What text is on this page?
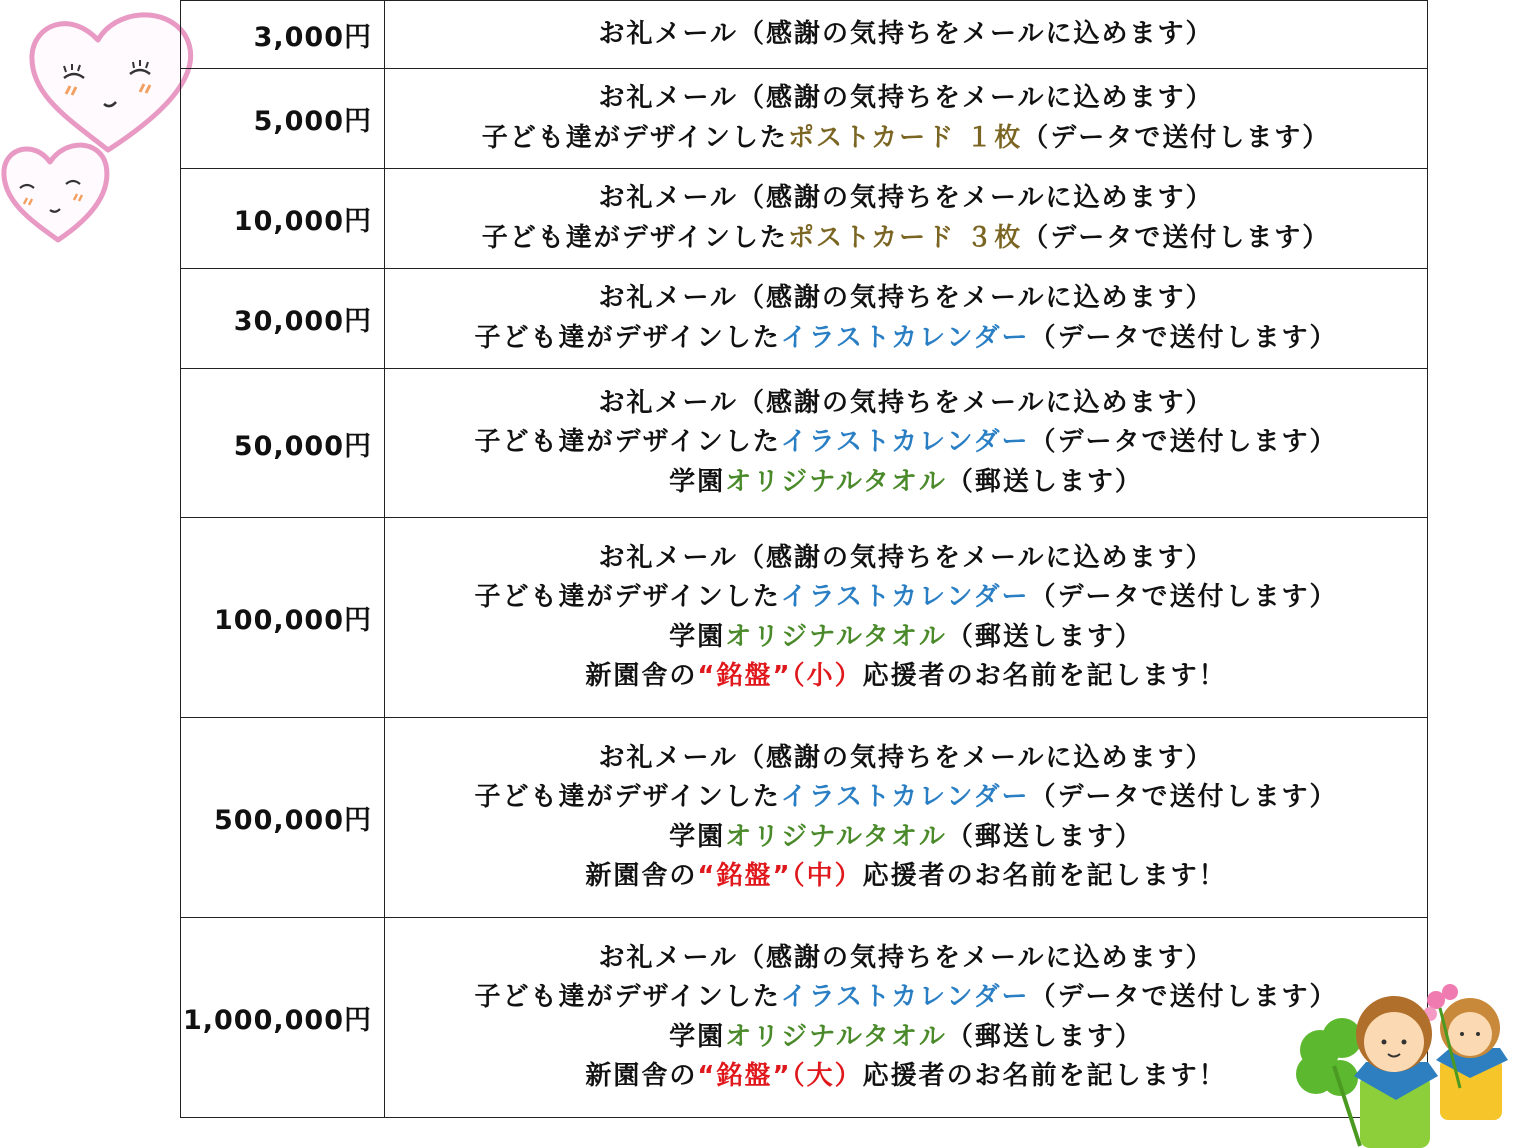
3,000円	お礼メール（感謝の気持ちをメールに込めます）

5,000円	お礼メール（感謝の気持ちをメールに込めます）
子ども達がデザインしたポストカード １枚（データで送付します）

10,000円	お礼メール（感謝の気持ちをメールに込めます）
子ども達がデザインしたポストカード ３枚（データで送付します）

30,000円	お礼メール（感謝の気持ちをメールに込めます）
子ども達がデザインしたイラストカレンダー（データで送付します）

50,000円	お礼メール（感謝の気持ちをメールに込めます）
子ども達がデザインしたイラストカレンダー（データで送付します）
学園オリジナルタオル（郵送します）

100,000円	お礼メール（感謝の気持ちをメールに込めます）
子ども達がデザインしたイラストカレンダー（データで送付します）
学園オリジナルタオル（郵送します）
新園舎の“銘盤”（小）応援者のお名前を記します！

500,000円	お礼メール（感謝の気持ちをメールに込めます）
子ども達がデザインしたイラストカレンダー（データで送付します）
学園オリジナルタオル（郵送します）
新園舎の“銘盤”（中）応援者のお名前を記します！

1,000,000円	お礼メール（感謝の気持ちをメールに込めます）
子ども達がデザインしたイラストカレンダー（データで送付します）
学園オリジナルタオル（郵送します）
新園舎の“銘盤”（大）応援者のお名前を記します！
